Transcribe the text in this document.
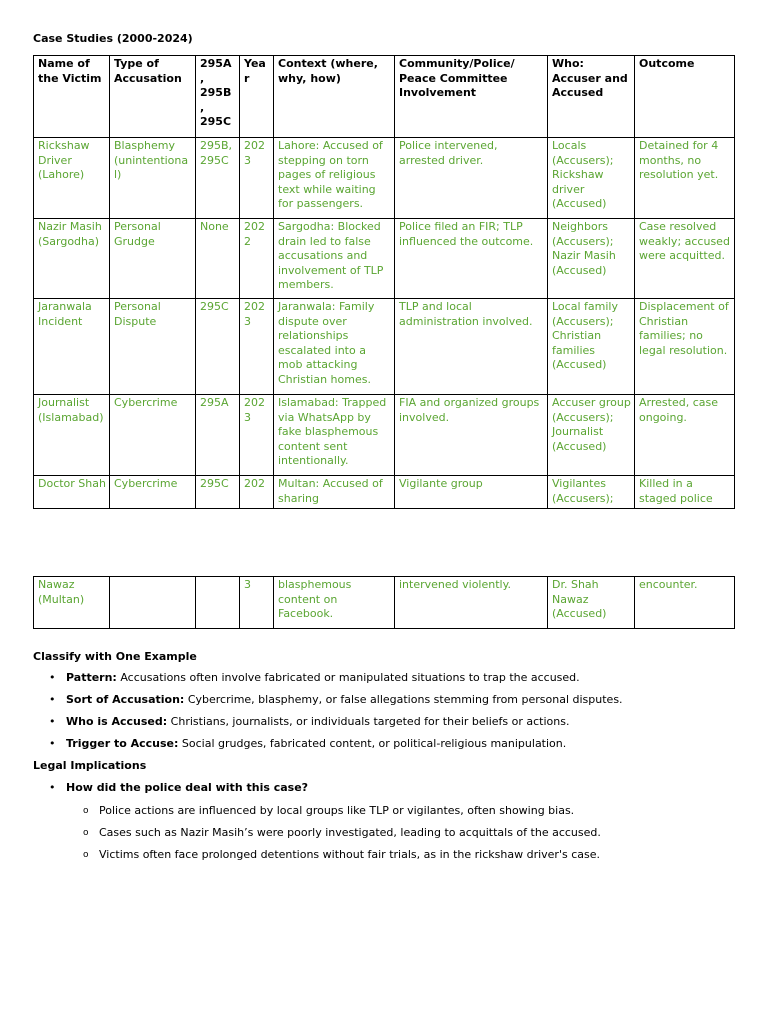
Case Studies (2000-2024)
Name of the Victim	Type of Accusation	295A , 295B , 295C	Yea r	Context (where, why, how)	Community/Police/ Peace Committee Involvement	Who: Accuser and Accused	Outcome
Rickshaw Driver (Lahore)	Blasphemy (unintentiona l)	295B, 295C	202 3	Lahore: Accused of stepping on torn pages of religious text while waiting for passengers.	Police intervened, arrested driver.	Locals (Accusers); Rickshaw driver (Accused)	Detained for 4 months, no resolution yet.
Nazir Masih (Sargodha)	Personal Grudge	None	202 2	Sargodha: Blocked drain led to false accusations and involvement of TLP members.	Police filed an FIR; TLP influenced the outcome.	Neighbors (Accusers); Nazir Masih (Accused)	Case resolved weakly; accused were acquitted.
Jaranwala Incident	Personal Dispute	295C	202 3	Jaranwala: Family dispute over relationships escalated into a mob attacking Christian homes.	TLP and local administration involved.	Local family (Accusers); Christian families (Accused)	Displacement of Christian families; no legal resolution.
Journalist (Islamabad)	Cybercrime	295A	202 3	Islamabad: Trapped via WhatsApp by fake blasphemous content sent intentionally.	FIA and organized groups involved.	Accuser group (Accusers); Journalist (Accused)	Arrested, case ongoing.
Doctor Shah	Cybercrime	295C	202	Multan: Accused of sharing	Vigilante group	Vigilantes (Accusers);	Killed in a staged police
Nawaz (Multan)			3	blasphemous content on Facebook.	intervened violently.	Dr. Shah Nawaz (Accused)	encounter.
Classify with One Example
• Pattern: Accusations often involve fabricated or manipulated situations to trap the accused.
• Sort of Accusation: Cybercrime, blasphemy, or false allegations stemming from personal disputes.
• Who is Accused: Christians, journalists, or individuals targeted for their beliefs or actions.
• Trigger to Accuse: Social grudges, fabricated content, or political-religious manipulation.
Legal Implications
• How did the police deal with this case?
o Police actions are influenced by local groups like TLP or vigilantes, often showing bias.
o Cases such as Nazir Masih’s were poorly investigated, leading to acquittals of the accused.
o Victims often face prolonged detentions without fair trials, as in the rickshaw driver's case.
